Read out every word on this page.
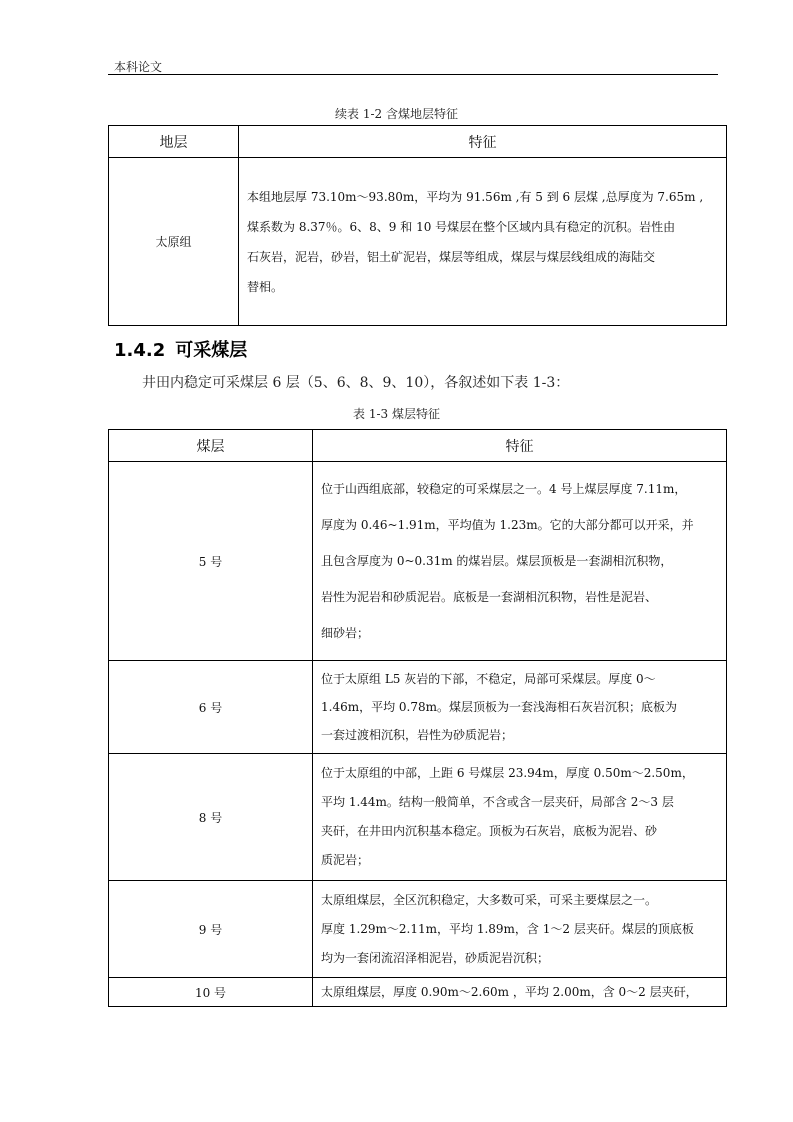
本科论文
续表 1-2 含煤地层特征
地层	特征
太原组	本组地层厚 73.10m～93.80m，平均为 91.56m ,有 5 到 6 层煤 ,总厚度为 7.65m ,
煤系数为 8.37％。6、8、9 和 10 号煤层在整个区域内具有稳定的沉积。岩性由
石灰岩，泥岩，砂岩，铝土矿泥岩，煤层等组成，煤层与煤层线组成的海陆交
替相。
1.4.2 可采煤层
井田内稳定可采煤层 6 层（5、6、8、9、10），各叙述如下表 1-3：
表 1-3 煤层特征
煤层	特征
5 号	位于山西组底部，较稳定的可采煤层之一。4 号上煤层厚度 7.11m，
厚度为 0.46~1.91m，平均值为 1.23m。它的大部分都可以开采，并
且包含厚度为 0~0.31m 的煤岩层。煤层顶板是一套湖相沉积物，
岩性为泥岩和砂质泥岩。底板是一套湖相沉积物，岩性是泥岩、
细砂岩；

6 号	位于太原组 L5 灰岩的下部，不稳定，局部可采煤层。厚度 0～
1.46m，平均 0.78m。煤层顶板为一套浅海相石灰岩沉积；底板为
一套过渡相沉积，岩性为砂质泥岩；

8 号	位于太原组的中部，上距 6 号煤层 23.94m，厚度 0.50m～2.50m，
平均 1.44m。结构一般简单，不含或含一层夹矸，局部含 2～3 层
夹矸，在井田内沉积基本稳定。顶板为石灰岩，底板为泥岩、砂
质泥岩；

9 号	太原组煤层，全区沉积稳定，大多数可采，可采主要煤层之一。
厚度 1.29m～2.11m，平均 1.89m，含 1～2 层夹矸。煤层的顶底板
均为一套闭流沼泽相泥岩，砂质泥岩沉积；

10 号	太原组煤层，厚度 0.90m～2.60m ，平均 2.00m，含 0～2 层夹矸，
